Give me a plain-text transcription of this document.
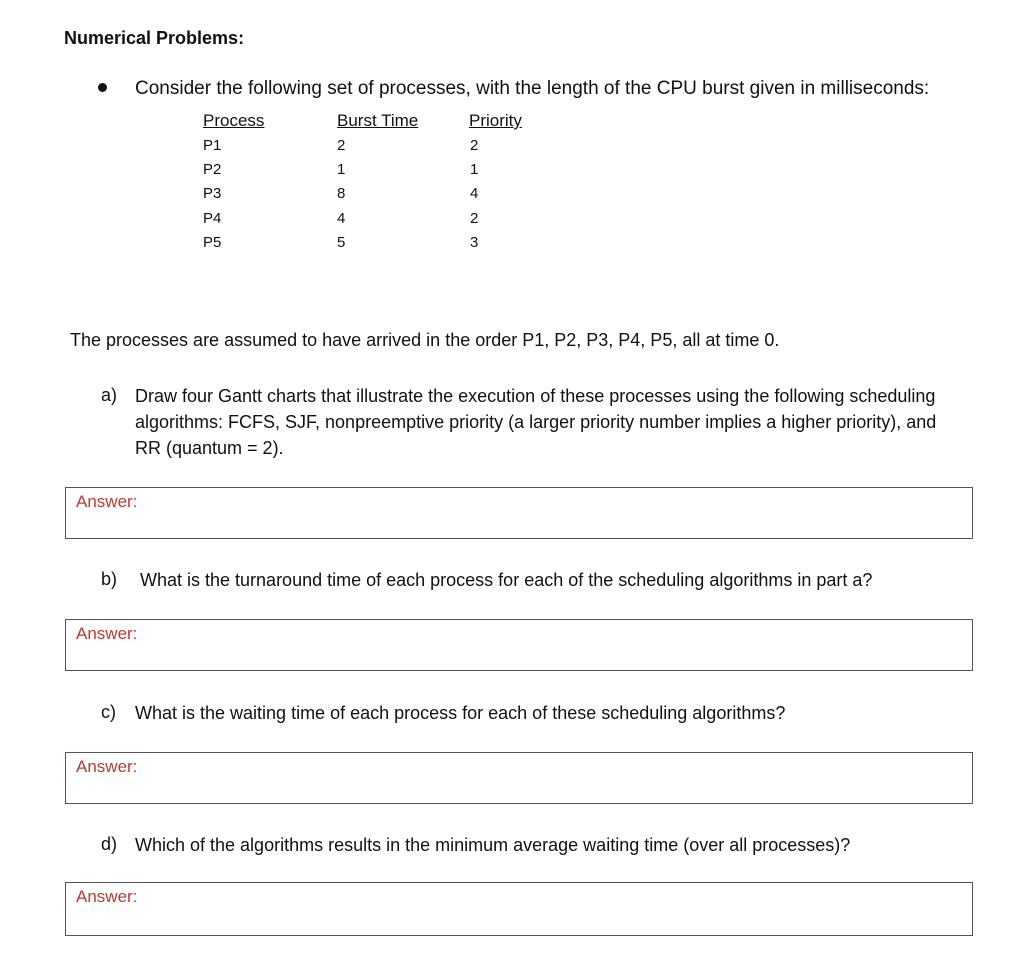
Numerical Problems:
Consider the following set of processes, with the length of the CPU burst given in milliseconds:
Process	Burst Time	Priority
P1	2	2
P2	1	1
P3	8	4
P4	4	2
P5	5	3
The processes are assumed to have arrived in the order P1, P2, P3, P4, P5, all at time 0.
a) Draw four Gantt charts that illustrate the execution of these processes using the following scheduling algorithms: FCFS, SJF, nonpreemptive priority (a larger priority number implies a higher priority), and RR (quantum = 2).
Answer:
b) What is the turnaround time of each process for each of the scheduling algorithms in part a?
Answer:
c) What is the waiting time of each process for each of these scheduling algorithms?
Answer:
d) Which of the algorithms results in the minimum average waiting time (over all processes)?
Answer:
